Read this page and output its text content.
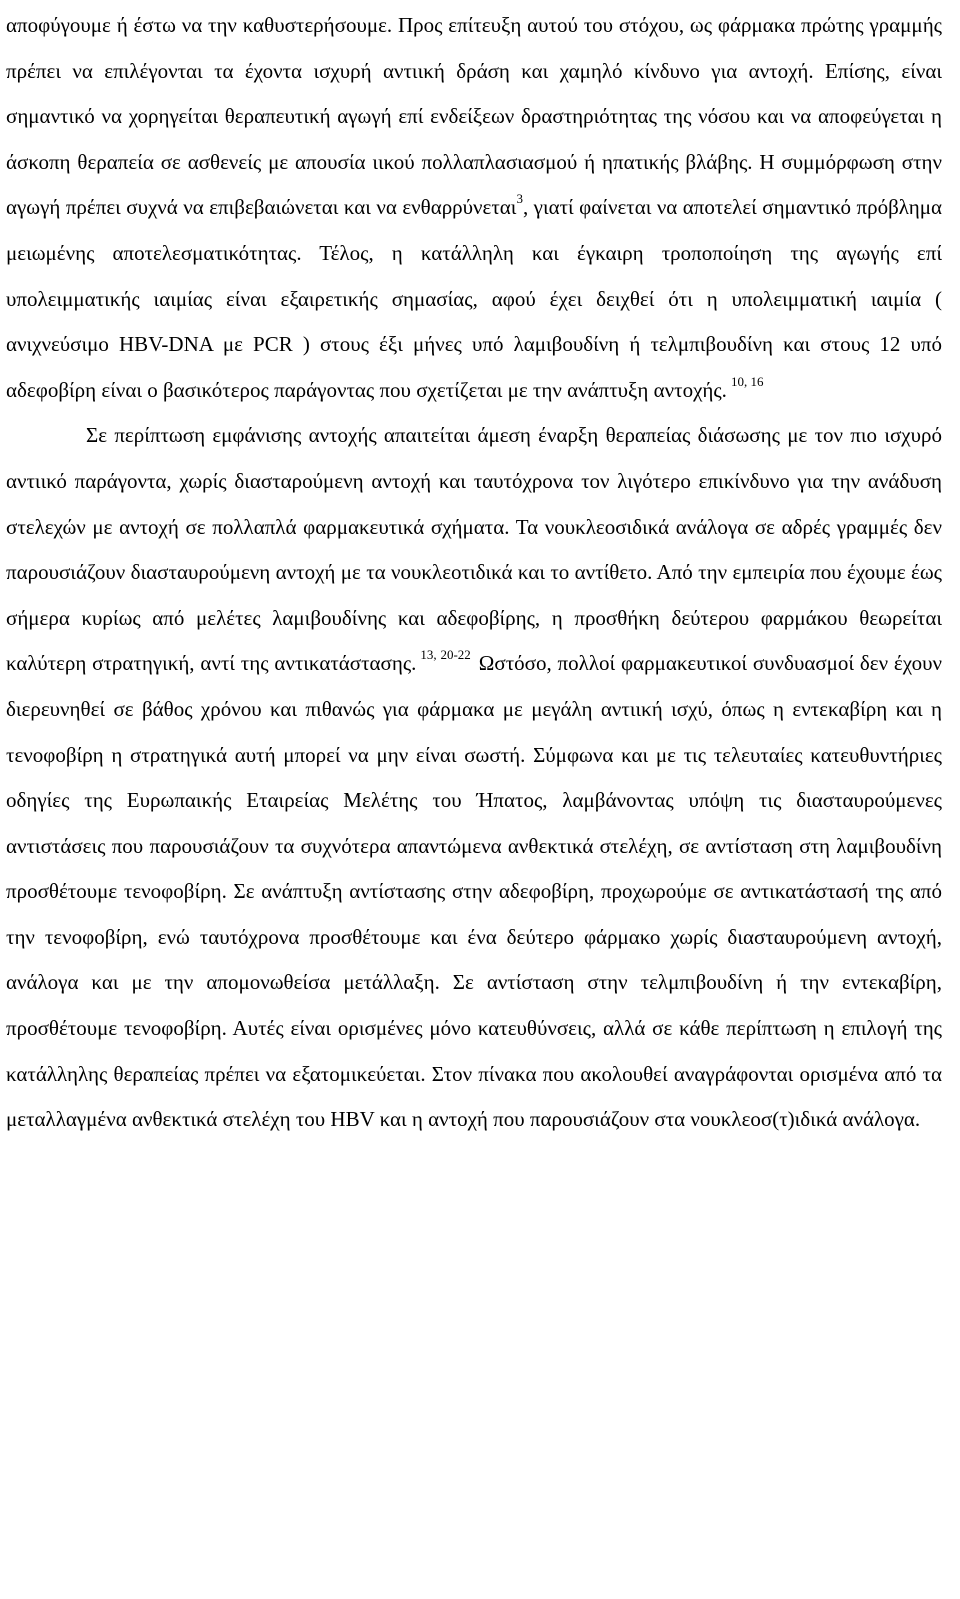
αποφύγουμε ή έστω να την καθυστερήσουμε. Προς επίτευξη αυτού του στόχου, ως φάρμακα πρώτης γραμμής πρέπει να επιλέγονται τα έχοντα ισχυρή αντιική δράση και χαμηλό κίνδυνο για αντοχή. Επίσης, είναι σημαντικό να χορηγείται θεραπευτική αγωγή επί ενδείξεων δραστηριότητας της νόσου και να αποφεύγεται η άσκοπη θεραπεία σε ασθενείς με απουσία ιικού πολλαπλασιασμού ή ηπατικής βλάβης. Η συμμόρφωση στην αγωγή πρέπει συχνά να επιβεβαιώνεται και να ενθαρρύνεται$^3$, γιατί φαίνεται να αποτελεί σημαντικό πρόβλημα μειωμένης αποτελεσματικότητας. Τέλος, η κατάλληλη και έγκαιρη τροποποίηση της αγωγής επί υπολειμματικής ιαιμίας είναι εξαιρετικής σημασίας, αφού έχει δειχθεί ότι η υπολειμματική ιαιμία ( ανιχνεύσιμο HBV-DNA με PCR ) στους έξι μήνες υπό λαμιβουδίνη ή τελμπιβουδίνη και στους 12 υπό αδεφοβίρη είναι ο βασικότερος παράγοντας που σχετίζεται με την ανάπτυξη αντοχής. $^{10, 16}$

Σε περίπτωση εμφάνισης αντοχής απαιτείται άμεση έναρξη θεραπείας διάσωσης με τον πιο ισχυρό αντιικό παράγοντα, χωρίς διασταρούμενη αντοχή και ταυτόχρονα τον λιγότερο επικίνδυνο για την ανάδυση στελεχών με αντοχή σε πολλαπλά φαρμακευτικά σχήματα. Τα νουκλεοσιδικά ανάλογα σε αδρές γραμμές δεν παρουσιάζουν διασταυρούμενη αντοχή με τα νουκλεοτιδικά και το αντίθετο. Από την εμπειρία που έχουμε έως σήμερα κυρίως από μελέτες λαμιβουδίνης και αδεφοβίρης, η προσθήκη δεύτερου φαρμάκου θεωρείται καλύτερη στρατηγική, αντί της αντικατάστασης. $^{13, 20-22}$ Ωστόσο, πολλοί φαρμακευτικοί συνδυασμοί δεν έχουν διερευνηθεί σε βάθος χρόνου και πιθανώς για φάρμακα με μεγάλη αντιική ισχύ, όπως η εντεκαβίρη και η τενοφοβίρη η στρατηγικά αυτή μπορεί να μην είναι σωστή. Σύμφωνα και με τις τελευταίες κατευθυντήριες οδηγίες της Ευρωπαικής Εταιρείας Μελέτης του Ήπατος, λαμβάνοντας υπόψη τις διασταυρούμενες αντιστάσεις που παρουσιάζουν τα συχνότερα απαντώμενα ανθεκτικά στελέχη, σε αντίσταση στη λαμιβουδίνη προσθέτουμε τενοφοβίρη. Σε ανάπτυξη αντίστασης στην αδεφοβίρη, προχωρούμε σε αντικατάστασή της από την τενοφοβίρη, ενώ ταυτόχρονα προσθέτουμε και ένα δεύτερο φάρμακο χωρίς διασταυρούμενη αντοχή, ανάλογα και με την απομονωθείσα μετάλλαξη. Σε αντίσταση στην τελμπιβουδίνη ή την εντεκαβίρη, προσθέτουμε τενοφοβίρη. Αυτές είναι ορισμένες μόνο κατευθύνσεις, αλλά σε κάθε περίπτωση η επιλογή της κατάλληλης θεραπείας πρέπει να εξατομικεύεται. Στον πίνακα που ακολουθεί αναγράφονται ορισμένα από τα μεταλλαγμένα ανθεκτικά στελέχη του HBV και η αντοχή που παρουσιάζουν στα νουκλεοσ(τ)ιδικά ανάλογα.
